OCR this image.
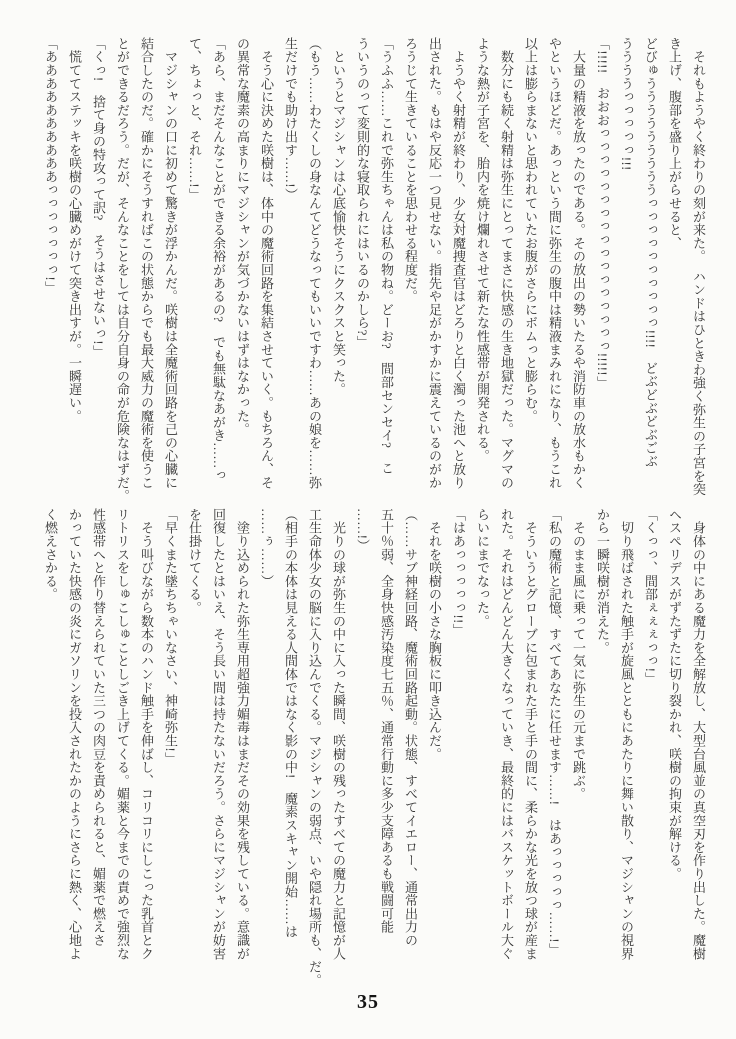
　それもようやく終わりの刻が来た。　ハンドはひときわ強く弥生の子宮を突

き上げ、腹部を盛り上がらせると、

どびゅうううううううううっっっっっっっっっっ!!!!　どぶどぶどぶごぶ

ううううっっっっっ!!!

「!!!!!　おおおっっっっっっっっっっっっっっっっっ!!!!!」

　大量の精液を放ったのである。その放出の勢いたるや消防車の放水もかく

やというほどだ。あっという間に弥生の腹中は精液まみれになり、もうこれ

以上は膨らまないと思われていたお腹がさらにボムっと膨らむ。

　数分にも続く射精は弥生にとってまさに快感の生き地獄だった。マグマの

ような熱が子宮を、胎内を焼け爛れさせて新たな性感帯が開発される。

　ようやく射精が終わり、少女対魔捜査官はどろりと白く濁った池へと放り

出された。もはや反応一つ見せない。指先や足がかすかに震えているのがか

ろうじて生きていることを思わせる程度だ。

「うふふ……これで弥生ちゃんは私の物ね。どーお?　間部センセイ?　こ

ういうのって変則的な寝取られにはいるのかしら?」

　というとマジシャンは心底愉快そうにクスクスと笑った。

（もう……わたくしの身なんてどうなってもいいですわ……あの娘を……弥

生だけでも助け出す……!）

　そう心に決めた咲樹は、体中の魔術回路を集結させていく。もちろん、そ

の異常な魔素の高まりにマジシャンが気づかないはずはなかった。

「あら、まだそんなことができる余裕があるの?　でも無駄なあがき……っ

て、ちょっと、それ……!」

　マジシャンの口に初めて驚きが浮かんだ。咲樹は全魔術回路を己の心臓に

結合したのだ。確かにそうすればこの状態からでも最大威力の魔術を使うこ

とができるだろう。だが、そんなことをしては自分自身の命が危険なはずだ。

「くっ!　捨て身の特攻って訳?　そうはさせないっ!」

　慌ててステッキを咲樹の心臓めがけて突き出すが。一瞬遅い。

「ああああああああああっっっっっっっ!」

　身体の中にある魔力を全解放し、大型台風並の真空刃を作り出した。魔樹

ヘスペリデスがずたずたに切り裂かれ、咲樹の拘束が解ける。

「くっっ、間部ぇぇぇっっ!」

　切り飛ばされた触手が旋風とともにあたりに舞い散り、マジシャンの視界

から一瞬咲樹が消えた。

　そのまま風に乗って一気に弥生の元まで跳ぶ。

「私の魔術と記憶、すべてあなたに任せます……!　はあっっっっっ……!」

　そういうとグローブに包まれた手と手の間に、柔らかな光を放つ球が産ま

れた。それはどんどん大きくなっていき、最終的にはバスケットボール大ぐ

らいにまでなった。

「はあっっっっっ!!」

　それを咲樹の小さな胸板に叩き込んだ。

（……サブ神経回路、魔術回路起動。状態、すべてイエロー、通常出力の

五十％弱、全身快感汚染度七五％、通常行動に多少支障あるも戦闘可能

……!）

　光りの球が弥生の中に入った瞬間、咲樹の残ったすべての魔力と記憶が人

工生命体少女の脳に入り込んでくる。マジシャンの弱点、いや隠れ場所も、だ。

（相手の本体は見える人間体ではなく影の中!　魔素スキャン開始……は

……ぅ……）

　塗り込められた弥生専用超強力媚毒はまだその効果を残している。意識が

回復したとはいえ、そう長い間は持たないだろう。さらにマジシャンが妨害

を仕掛けてくる。

「早くまた墜ちちゃいなさい、神崎弥生!」

　そう叫びながら数本のハンド触手を伸ばし、コリコリにしこった乳首とク

リトリスをしゅこしゅことしごき上げてくる。媚薬と今までの責めで強烈な

性感帯へと作り替えられていた三つの肉豆を責められると、媚薬で燃えさ

かっていた快感の炎にガソリンを投入されたかのようにさらに熱く、心地よ

く燃えさかる。

35
